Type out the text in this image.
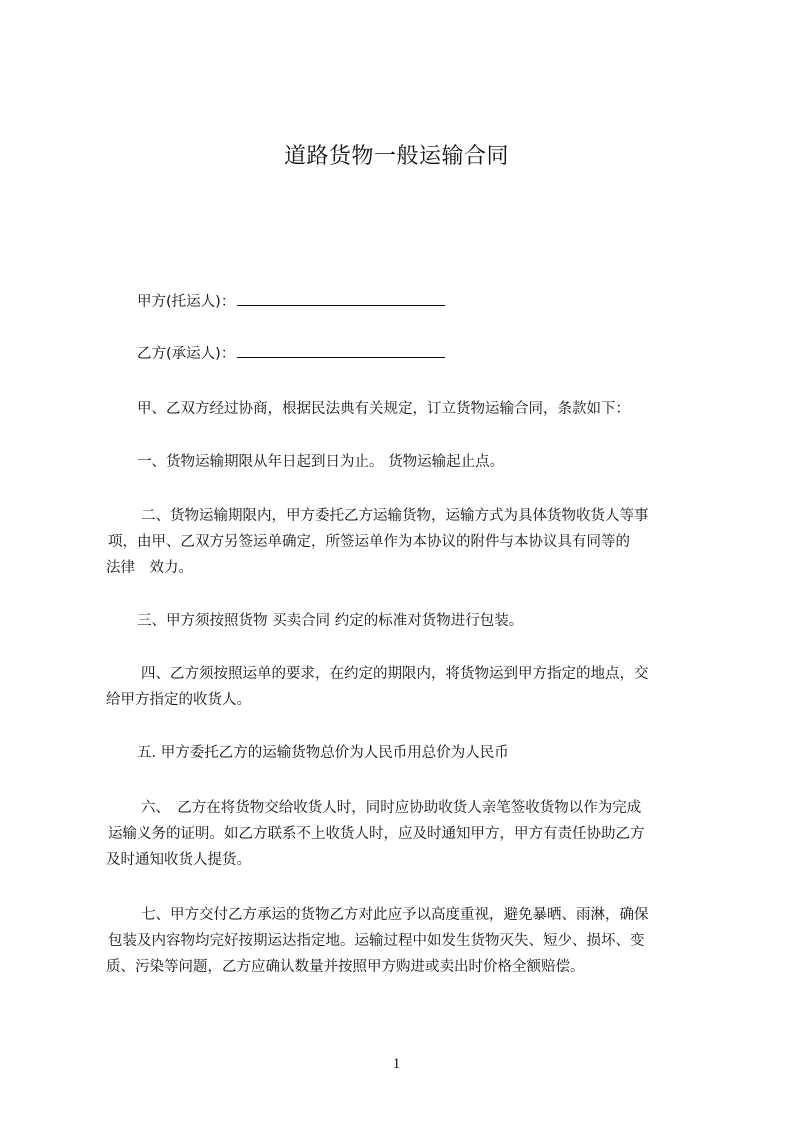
道路货物一般运输合同
甲方(托运人)：
乙方(承运人)：
甲、乙双方经过协商，根据民法典有关规定，订立货物运输合同，条款如下：
一、货物运输期限从年日起到日为止。 货物运输起止点。
二、货物运输期限内，甲方委托乙方运输货物，运输方式为具体货物收货人等事
项，由甲、乙双方另签运单确定，所签运单作为本协议的附件与本协议具有同等的
法律　效力。
三、甲方须按照货物 买卖合同 约定的标准对货物进行包装。
四、乙方须按照运单的要求，在约定的期限内，将货物运到甲方指定的地点，交
给甲方指定的收货人。
五. 甲方委托乙方的运输货物总价为人民币用总价为人民币
六、　乙方在将货物交给收货人时，同时应协助收货人亲笔签收货物以作为完成
运输义务的证明。如乙方联系不上收货人时，应及时通知甲方，甲方有责任协助乙方
及时通知收货人提货。
七、甲方交付乙方承运的货物乙方对此应予以高度重视，避免暴晒、雨淋，确保
包装及内容物均完好按期运达指定地。运输过程中如发生货物灭失、短少、损坏、变
质、污染等问题，乙方应确认数量并按照甲方购进或卖出时价格全额赔偿。
1
